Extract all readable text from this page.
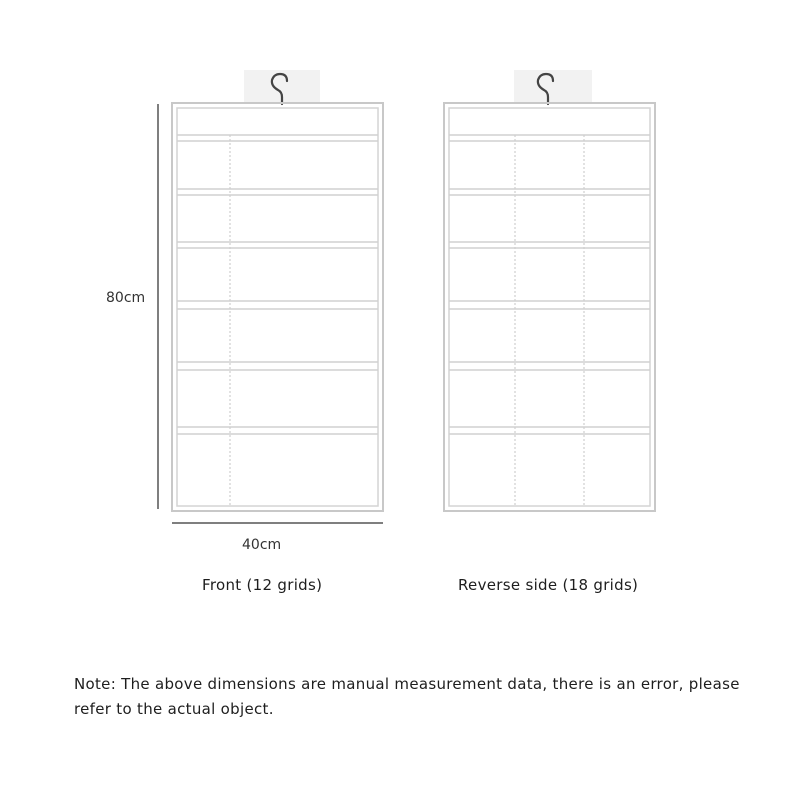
80cm
40cm
Front (12 grids)	Reverse side (18 grids)
Note: The above dimensions are manual measurement data, there is an error, please refer to the actual object.
